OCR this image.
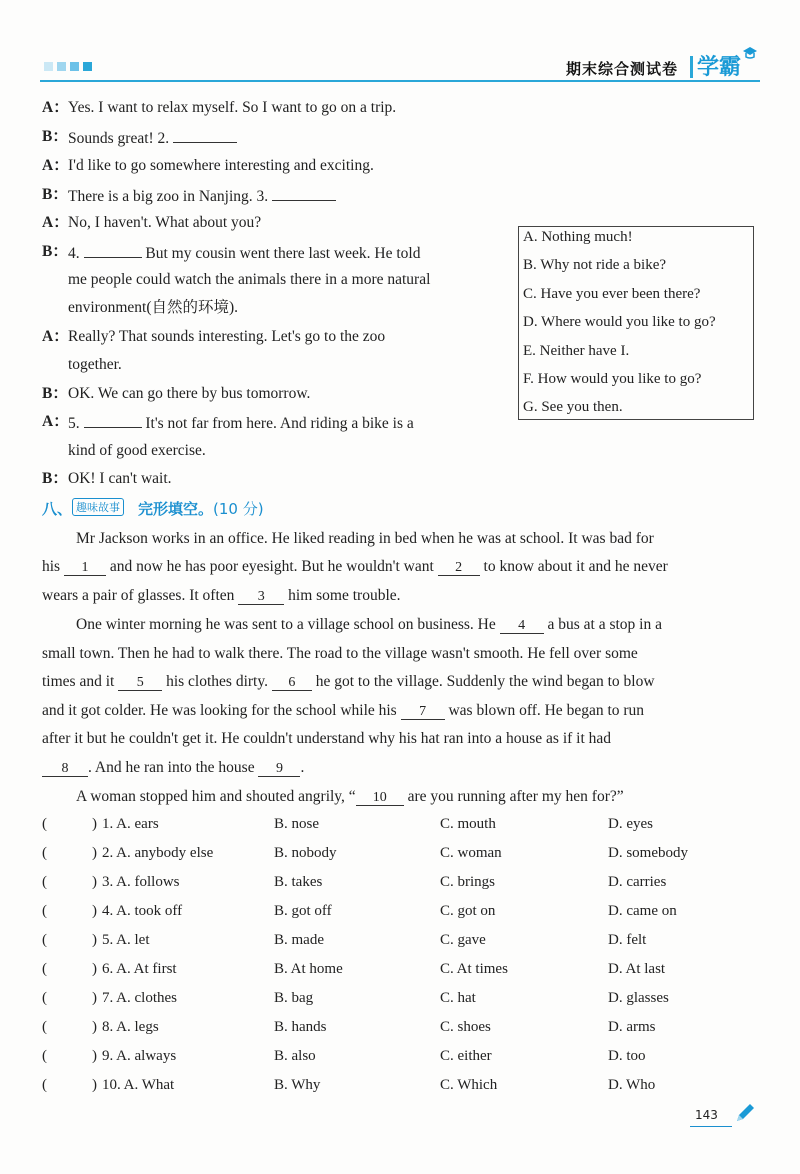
期末综合测试卷 学霸
A： Yes. I want to relax myself. So I want to go on a trip.
B： Sounds great! 2.
A： I'd like to go somewhere interesting and exciting.
B： There is a big zoo in Nanjing. 3.
A： No, I haven't. What about you?
B： 4.	But my cousin went there last week. He told
me people could watch the animals there in a more natural
environment(自然的环境).
A： Really? That sounds interesting. Let's go to the zoo
together.
B： OK. We can go there by bus tomorrow.
A： 5.	It's not far from here. And riding a bike is a
kind of good exercise.
B： OK! I can't wait.
A. Nothing much!
B. Why not ride a bike?
C. Have you ever been there?
D. Where would you like to go?
E. Neither have I.
F. How would you like to go?
G. See you then.
八、 趣味故事 完形填空。(10 分)
Mr Jackson works in an office. He liked reading in bed when he was at school. It was bad for
his 1 and now he has poor eyesight. But he wouldn't want 2 to know about it and he never
wears a pair of glasses. It often 3 him some trouble.
One winter morning he was sent to a village school on business. He 4 a bus at a stop in a
small town. Then he had to walk there. The road to the village wasn't smooth. He fell over some
times and it 5 his clothes dirty. 6 he got to the village. Suddenly the wind began to blow
and it got colder. He was looking for the school while his 7 was blown off. He began to run
after it but he couldn't get it. He couldn't understand why his hat ran into a house as if it had
8 . And he ran into the house 9 .
A woman stopped him and shouted angrily, “ 10 are you running after my hen for?”
(	) 1. A. ears	B. nose	C. mouth	D. eyes
(	) 2. A. anybody else	B. nobody	C. woman	D. somebody
(	) 3. A. follows	B. takes	C. brings	D. carries
(	) 4. A. took off	B. got off	C. got on	D. came on
(	) 5. A. let	B. made	C. gave	D. felt
(	) 6. A. At first	B. At home	C. At times	D. At last
(	) 7. A. clothes	B. bag	C. hat	D. glasses
(	) 8. A. legs	B. hands	C. shoes	D. arms
(	) 9. A. always	B. also	C. either	D. too
(	) 10. A. What	B. Why	C. Which	D. Who
143
